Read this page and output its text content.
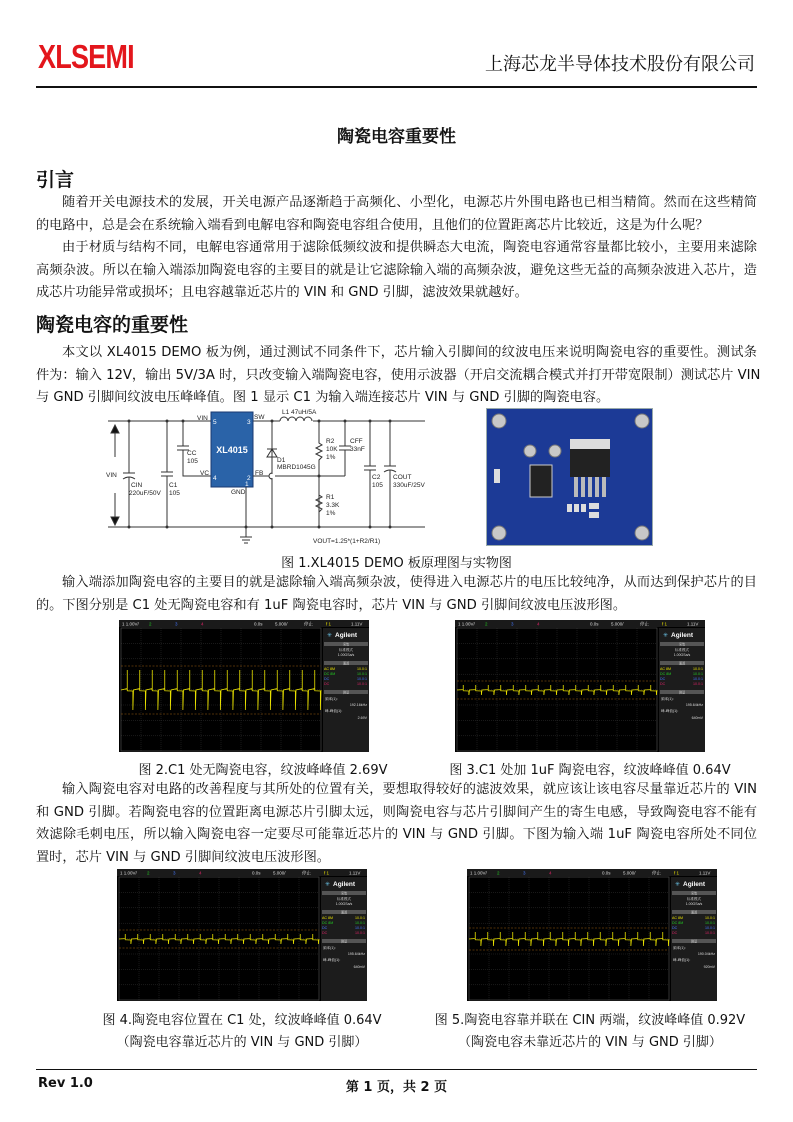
XLSEMI	上海芯龙半导体技术股份有限公司
陶瓷电容重要性
引言
随着开关电源技术的发展，开关电源产品逐渐趋于高频化、小型化，电源芯片外围电路也已相当精简。然而在这些精简
的电路中，总是会在系统输入端看到电解电容和陶瓷电容组合使用，且他们的位置距离芯片比较近，这是为什么呢？
由于材质与结构不同，电解电容通常用于滤除低频纹波和提供瞬态大电流，陶瓷电容通常容量都比较小，主要用来滤除
高频杂波。所以在输入端添加陶瓷电容的主要目的就是让它滤除输入端的高频杂波，避免这些无益的高频杂波进入芯片，造
成芯片功能异常或损坏；且电容越靠近芯片的 VIN 和 GND 引脚，滤波效果就越好。
陶瓷电容的重要性
本文以 XL4015 DEMO 板为例，通过测试不同条件下，芯片输入引脚间的纹波电压来说明陶瓷电容的重要性。测试条
件为：输入 12V，输出 5V/3A 时，只改变输入端陶瓷电容，使用示波器（开启交流耦合模式并打开带宽限制）测试芯片 VIN
与 GND 引脚间纹波电压峰峰值。图 1 显示 C1 为输入端连接芯片 VIN 与 GND 引脚的陶瓷电容。
VIN
CIN
220uF/50V
C1
105
CC
105
VIN
VC
SW
FB
GND
XL4015
5
4
3
2
1
L1 47uH/5A
D1
MBRD1045G
R2
10K
1%
R1
3.3K
1%
CFF
33nF
C2
105
COUT
330uF/25V
VOUT=1.25*(1+R2/R1)
图 1.XL4015 DEMO 板原理图与实物图
输入端添加陶瓷电容的主要目的就是滤除输入端高频杂波，使得进入电源芯片的电压比较纯净，从而达到保护芯片的目
的。下图分别是 C1 处无陶瓷电容和有 1uF 陶瓷电容时，芯片 VIN 与 GND 引脚间纹波电压波形图。
1 1.00V/ 2	3	4	0.0s	5.000/	停止	f 1	1.11V
✳ Agilent
采集
标准模式
1.00GSa/s
通道
AC 8M	10.0:1
DC 8M	10.0:1
DC	10.0:1
DC	10.0:1
测量
频率(1):
192.16kHz
峰-峰值(1):
2.69V
1 1.00V/ 2	3	4	0.0s	5.000/	停止	f 1	1.11V
✳ Agilent
采集
标准模式
1.00GSa/s
通道
AC 8M	10.0:1
DC 8M	10.0:1
DC	10.0:1
DC	10.0:1
测量
频率(1):
195.64kHz
峰-峰值(1):
640mV
图 2.C1 处无陶瓷电容，纹波峰峰值 2.69V	图 3.C1 处加 1uF 陶瓷电容，纹波峰峰值 0.64V
输入陶瓷电容对电路的改善程度与其所处的位置有关，要想取得较好的滤波效果，就应该让该电容尽量靠近芯片的 VIN
和 GND 引脚。若陶瓷电容的位置距离电源芯片引脚太远，则陶瓷电容与芯片引脚间产生的寄生电感，导致陶瓷电容不能有
效滤除毛刺电压，所以输入陶瓷电容一定要尽可能靠近芯片的 VIN 与 GND 引脚。下图为输入端 1uF 陶瓷电容所处不同位
置时，芯片 VIN 与 GND 引脚间纹波电压波形图。
1 1.00V/ 2	3	4	0.0s	5.000/	停止	f 1	1.11V
✳ Agilent
采集
标准模式
1.00GSa/s
通道
AC 8M	10.0:1
DC 8M	10.0:1
DC	10.0:1
DC	10.0:1
测量
频率(1):
195.64kHz
峰-峰值(1):
640mV
1 1.00V/ 2	3	4	0.0s	5.000/	停止	f 1	1.11V
✳ Agilent
采集
标准模式
1.00GSa/s
通道
AC 8M	10.0:1
DC 8M	10.0:1
DC	10.0:1
DC	10.0:1
测量
频率(1):
190.04kHz
峰-峰值(1):
920mV
图 4.陶瓷电容位置在 C1 处，纹波峰峰值 0.64V
（陶瓷电容靠近芯片的 VIN 与 GND 引脚）
图 5.陶瓷电容靠并联在 CIN 两端，纹波峰峰值 0.92V
（陶瓷电容未靠近芯片的 VIN 与 GND 引脚）
Rev 1.0	第 1 页，共 2 页
